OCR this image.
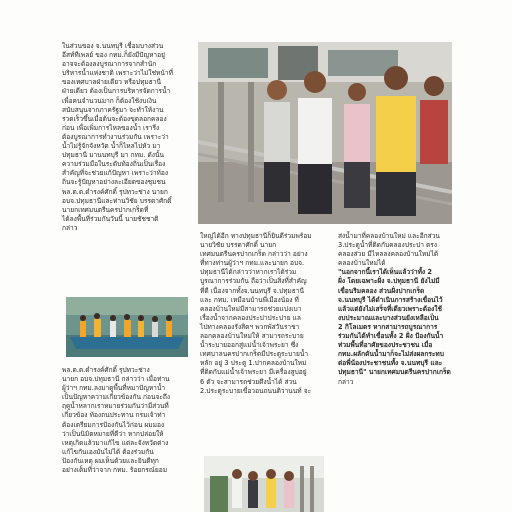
ในส่วนของ จ.นนทบุรี เชื่อมบางส่วน

อีสท์ทีเพลย์ ของ กทม.ก็ยังมีปัญหาอยู่

อาจจะต้องลงบูรณาการจากสำนัก

บริหารน้ำแห่งชาติ เพราะว่าไม่ใช่หน้าที่

ของเทศบาลฝ่ายเดียว หรือปทุมธานี

ฝ่ายเดียว ต้องเป็นการบริหารจัดการน้ำ

เพื่อคนจำนวนมาก ก็ต้องใช้งบเงิน

สนับสนุนจากภาครัฐมา จะทำให้งาน

รวดเร็วขึ้นเมื่อต้นจะต้องขุดลอกคลอง

ก่อน เพื่อเพิ่มการไหลของน้ำ เรารีง

ต้องบูรณาการทำงานร่วมกัน เพราะว่า

น้ำไม่รู้จักจังหวัด น้ำก็ไหลไปหัว มา

ปทุมธานี มานนทบุรี มา กทม. ดังนั้น

ความร่วมมือในระดับท้องถิ่นเป็นเรื่อง

สำคัญที่จะช่วยแก้ปัญหา เพราะว่าท้อง

ถิ่นจะรู้ปัญหาอย่างละเอียดของชุมชน

พล.ต.ต.ดำรงค์ศักดิ์ รุปทวะช่าง นายก

อบจ.ปทุมธานีและท่านวิชัย บรรดาศักดิ์

นายกเทศมนตรีนครปากเกร็ดที่

ได้ลงพื้นที่ร่วมกันวันนี้ นายชัชชาติ

กล่าว

พล.ต.ต.ดำรงค์ศักดิ์ รุปทวะช่าง

นายก อบจ.ปทุมธานี กล่าวว่า เมื่อท่าน

ผู้ว่าฯ กทม.ลงมาดูพื้นที่หมาปัญหาน้ำ

เป็นปัญหาความเกี่ยวข้องกัน ก่อนจะถึง

ฤดูน้ำหลากเราหมายร่วมกันว่ามีส่วนที่

เกี่ยวข้อง ท้องถนประทาน กรมเจ้าท่า

ต้องเตรียมการป้องกันไว้ก่อน ผมมอง

ว่าเป็นนิมิตหมายที่ดีว่า หากปล่อยให้

เหตุเกิดแล้วมาแก้ไข แต่ละจังหวัดต่าง

แก้ไขกันเองมันไม่ได้ ต้องร่วมกัน

ป้องกันเหตุ ผมเห็นด้วยและยินดีทุก

อย่างเต็มที่ว่าจาก กทม. ร้อยกรณ์ยอม

ใหญ่ได้อีก ทางปทุมธานีก็ยินดีร่วมพร้อม

นายวิชัย บรรดาศักดิ์ นายก

เทศมนตรีนครปากเกร็ด กล่าวว่า อย่าง

ที่ทางท่านผู้ว่าฯ กทม.และนายก อบจ.

ปทุมธานีได้กล่าวว่าหากเราได้ร่วม

บูรณาการร่วมกัน ถือว่าเป็นสิ่งที่สำคัญ

ที่ดี เนื่องจากทั้งจ.นนทบุรี จ.ปทุมธานี

และ กทม. เหมือนบ้านพี่เมืองน้อง ที่

คลองบ้านใหม่มีสามารถช่วยแบ่งเบา

เรื่องน้ำจากคลองประปาประปาย แล

ไปทางคลองรังสิตฯ พวกพัสวันราชา

ลอกคลองบ้านใหม่ให้ สามารถระบาย

น้ำระบายออกสู่แม่น้ำเจ้าพระยา ซึ่ง

เทศบาลนครปากเกร็ดมีประตูระบายน้ำ

หลัก อยู่ 3 ประตู 1.ปากคลองบ้านใหม่

ที่ติดกับแม่น้ำเจ้าพระยา มีเครื่องสูบอยู่

6 ตัว จะสามารถช่วยดึงน้ำได้ ส่วน

2.ประตูระบายเขื่อวอนถนนติวานนท์ จะ

ส่งน้ำมาที่คลองบ้านใหม่ และอีกส่วน

3.ประตูน้ำที่ติดกับคลองประปา ตรง

คลองส่วย มีไหลลงคลองบ้านใหม่ได้

คลองบ้านใหม่ได้

"นอกจากนี้เราได้เห็นแล้วว่าทั้ง 2

ฝั่ง โดยเฉพาะฝั่ง จ.ปทุมธานี ยังไม่มี

เขื่อนริมคลอง ส่วนฝั่งปากเกร็ด

จ.นนทบุรี ได้ดำเนินการสร้างเขื่อนไว้

แล้วแต่ยังไม่เสร็จที่เดียวเพราะต้องใช้

งบประมาณและบางส่วนยังเหลือเป็น

2 กิโลเมตร หากสามารถบูรณาการ

ร่วมกันได้ทำเขื่อนทั้ง 2 ฝั่ง ป้องกันน้ำ

ท่วมพื้นที่อาศัยของประชาชน เมื่อ

กทม.ผลักดันน้ำมาก็จะไม่ส่งผลกระทบ

ต่อพี่น้องประชาชนทั้ง จ.นนทบุรี และ

ปทุมธานี" นายกเทศมนตรีนครปากเกร็ด

กล่าว
